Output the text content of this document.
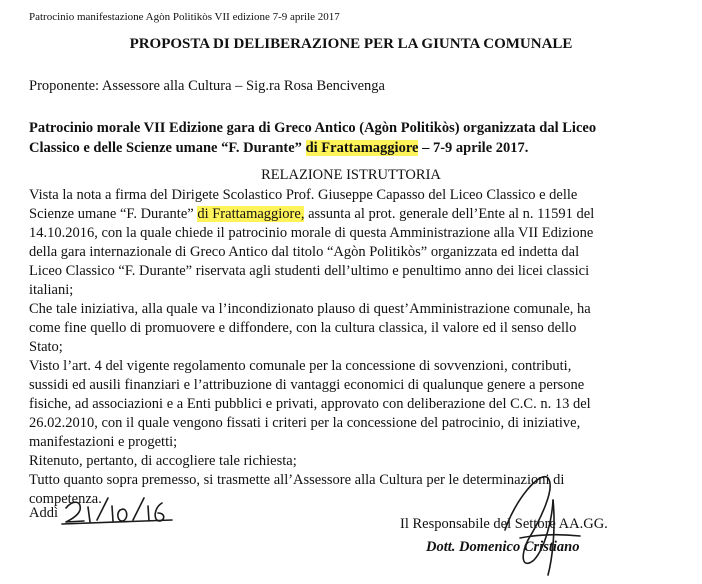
Patrocinio manifestazione Agòn Politikòs VII edizione 7-9 aprile 2017
PROPOSTA DI DELIBERAZIONE PER LA GIUNTA COMUNALE
Proponente: Assessore alla Cultura – Sig.ra Rosa Bencivenga
Patrocinio morale VII Edizione gara di Greco Antico (Agòn Politikòs) organizzata dal Liceo
Classico e delle Scienze umane “F. Durante” di Frattamaggiore – 7-9 aprile 2017.
RELAZIONE ISTRUTTORIA
Vista la nota a firma del Dirigete Scolastico Prof. Giuseppe Capasso del Liceo Classico e delle
Scienze umane “F. Durante” di Frattamaggiore, assunta al prot. generale dell’Ente al n. 11591 del
14.10.2016, con la quale chiede il patrocinio morale di questa Amministrazione alla VII Edizione
della gara internazionale di Greco Antico dal titolo “Agòn Politikòs” organizzata ed indetta dal
Liceo Classico “F. Durante” riservata agli studenti dell’ultimo e penultimo anno dei licei classici
italiani;
Che tale iniziativa, alla quale va l’incondizionato plauso di quest’Amministrazione comunale, ha
come fine quello di promuovere e diffondere, con la cultura classica, il valore ed il senso dello
Stato;
Visto l’art. 4 del vigente regolamento comunale per la concessione di sovvenzioni, contributi,
sussidi ed ausili finanziari e l’attribuzione di vantaggi economici di qualunque genere a persone
fisiche, ad associazioni e a Enti pubblici e privati, approvato con deliberazione del C.C. n. 13 del
26.02.2010, con il quale vengono fissati i criteri per la concessione del patrocinio, di iniziative,
manifestazioni e progetti;
Ritenuto, pertanto, di accogliere tale richiesta;
Tutto quanto sopra premesso, si trasmette all’Assessore alla Cultura per le determinazioni di
competenza.
Addì
Il Responsabile del Settore AA.GG.
Dott. Domenico Cristiano
